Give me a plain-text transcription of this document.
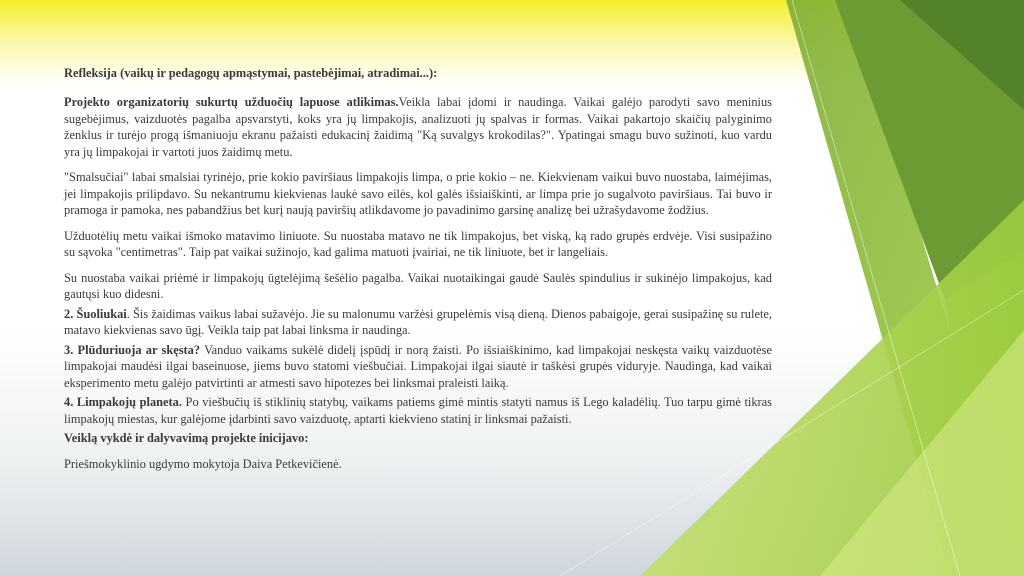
Refleksija (vaikų ir pedagogų apmąstymai, pastebėjimai, atradimai...):

Projekto organizatorių sukurtų užduočių lapuose atlikimas.Veikla labai įdomi ir naudinga. Vaikai galėjo parodyti savo meninius sugebėjimus, vaizduotės pagalba apsvarstyti, koks yra jų limpakojis, analizuoti jų spalvas ir formas. Vaikai pakartojo skaičių palyginimo ženklus ir turėjo progą išmaniuoju ekranu pažaisti edukacinį žaidimą "Ką suvalgys krokodilas?". Ypatingai smagu buvo sužinoti, kuo vardu yra jų limpakojai ir vartoti juos žaidimų metu.

"Smalsučiai" labai smalsiai tyrinėjo, prie kokio paviršiaus limpakojis limpa, o prie kokio – ne. Kiekvienam vaikui buvo nuostaba, laimėjimas, jei limpakojis prilipdavo. Su nekantrumu kiekvienas laukė savo eilės, kol galės išsiaiškinti, ar limpa prie jo sugalvoto paviršiaus. Tai buvo ir pramoga ir pamoka, nes pabandžius bet kurį naują paviršių atlikdavome jo pavadinimo garsinę analizę bei užrašydavome žodžius.

Užduotėlių metu vaikai išmoko matavimo liniuote. Su nuostaba matavo ne tik limpakojus, bet viską, ką rado grupės erdvėje. Visi susipažino su sąvoka "centimetras". Taip pat vaikai sužinojo, kad galima matuoti įvairiai, ne tik liniuote, bet ir langeliais.

Su nuostaba vaikai priėmė ir limpakojų ūgtelėjimą šešėlio pagalba. Vaikai nuotaikingai gaudė Saulės spindulius ir sukinėjo limpakojus, kad gautųsi kuo didesni.

2. Šuoliukai. Šis žaidimas vaikus labai sužavėjo. Jie su malonumu varžėsi grupelėmis visą dieną. Dienos pabaigoje, gerai susipažinę su rulete, matavo kiekvienas savo ūgį. Veikla taip pat labai linksma ir naudinga.

3. Plūduriuoja ar skęsta? Vanduo vaikams sukėlė didelį įspūdį ir norą žaisti. Po išsiaiškinimo, kad limpakojai neskęsta vaikų vaizduotėse limpakojai maudėsi ilgai baseinuose, jiems buvo statomi viešbučiai. Limpakojai ilgai siautė ir taškėsi grupės viduryje. Naudinga, kad vaikai eksperimento metu galėjo patvirtinti ar atmesti savo hipotezes bei linksmai praleisti laiką.

4. Limpakojų planeta. Po viešbučių iš stiklinių statybų, vaikams patiems gimė mintis statyti namus iš Lego kaladėlių. Tuo tarpu gimė tikras limpakojų miestas, kur galėjome įdarbinti savo vaizduotę, aptarti kiekvieno statinį ir linksmai pažaisti.

Veiklą vykdė ir dalyvavimą projekte inicijavo:

Priešmokyklinio ugdymo mokytoja Daiva Petkevičienė.
